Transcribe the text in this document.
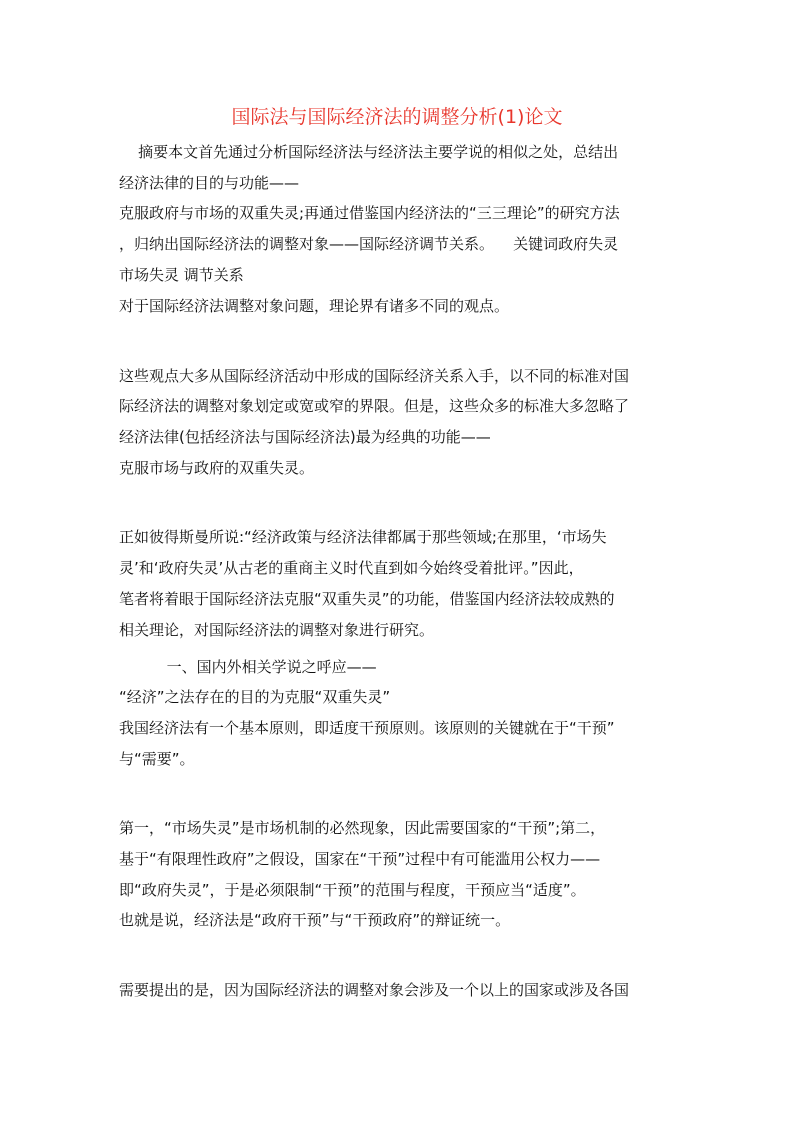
国际法与国际经济法的调整分析(1)论文
摘要本文首先通过分析国际经济法与经济法主要学说的相似之处，总结出
经济法律的目的与功能——
克服政府与市场的双重失灵;再通过借鉴国内经济法的“三三理论”的研究方法
，归纳出国际经济法的调整对象——国际经济调节关系。    关键词政府失灵
市场失灵 调节关系
对于国际经济法调整对象问题，理论界有诸多不同的观点。
这些观点大多从国际经济活动中形成的国际经济关系入手，以不同的标准对国
际经济法的调整对象划定或宽或窄的界限。但是，这些众多的标准大多忽略了
经济法律(包括经济法与国际经济法)最为经典的功能——
克服市场与政府的双重失灵。
正如彼得斯曼所说:“经济政策与经济法律都属于那些领域;在那里，‘市场失
灵’和‘政府失灵’从古老的重商主义时代直到如今始终受着批评。”因此，
笔者将着眼于国际经济法克服“双重失灵”的功能，借鉴国内经济法较成熟的
相关理论，对国际经济法的调整对象进行研究。
一、国内外相关学说之呼应——
“经济”之法存在的目的为克服“双重失灵”
我国经济法有一个基本原则，即适度干预原则。该原则的关键就在于“干预”
与“需要”。
第一，“市场失灵”是市场机制的必然现象，因此需要国家的“干预”;第二，
基于“有限理性政府”之假设，国家在“干预”过程中有可能滥用公权力——
即“政府失灵”，于是必须限制“干预”的范围与程度，干预应当“适度”。
也就是说，经济法是“政府干预”与“干预政府”的辩证统一。
需要提出的是，因为国际经济法的调整对象会涉及一个以上的国家或涉及各国
